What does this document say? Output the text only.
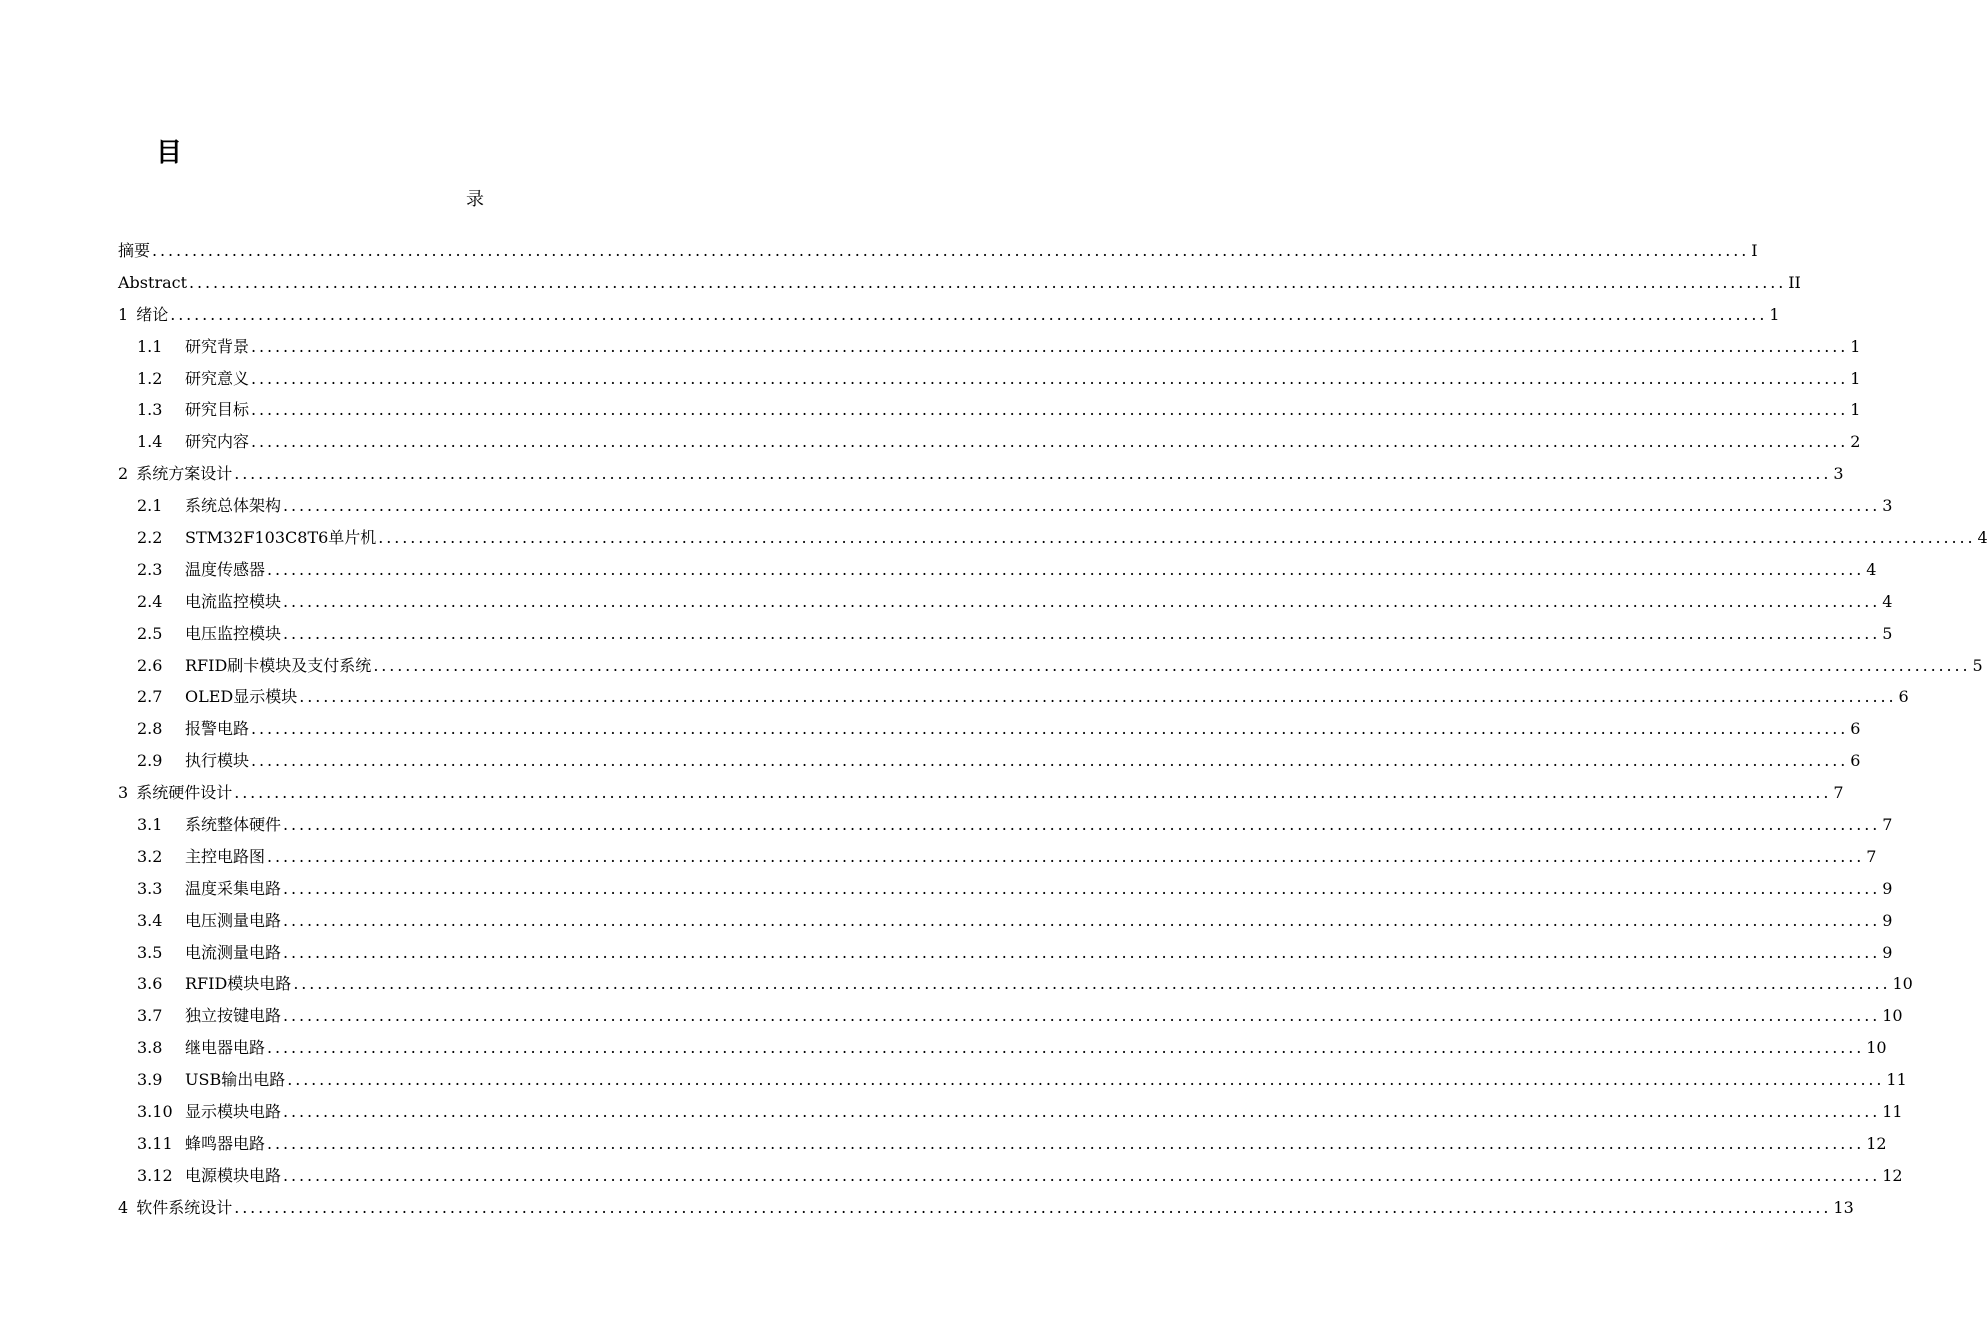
目
录
摘要 ........................................................................................................................................................................................................ I
Abstract ........................................................................................................................................................................................................ II
1 绪论 ........................................................................................................................................................................................................ 1
1.1	研究背景 ........................................................................................................................................................................................................ 1
1.2	研究意义 ........................................................................................................................................................................................................ 1
1.3	研究目标 ........................................................................................................................................................................................................ 1
1.4	研究内容 ........................................................................................................................................................................................................ 2
2 系统方案设计 ........................................................................................................................................................................................................ 3
2.1	系统总体架构 ........................................................................................................................................................................................................ 3
2.2	STM32F103C8T6单片机 ........................................................................................................................................................................................................ 4
2.3	温度传感器 ........................................................................................................................................................................................................ 4
2.4	电流监控模块 ........................................................................................................................................................................................................ 4
2.5	电压监控模块 ........................................................................................................................................................................................................ 5
2.6	RFID刷卡模块及支付系统 ........................................................................................................................................................................................................ 5
2.7	OLED显示模块 ........................................................................................................................................................................................................ 6
2.8	报警电路 ........................................................................................................................................................................................................ 6
2.9	执行模块 ........................................................................................................................................................................................................ 6
3 系统硬件设计 ........................................................................................................................................................................................................ 7
3.1	系统整体硬件 ........................................................................................................................................................................................................ 7
3.2	主控电路图 ........................................................................................................................................................................................................ 7
3.3	温度采集电路 ........................................................................................................................................................................................................ 9
3.4	电压测量电路 ........................................................................................................................................................................................................ 9
3.5	电流测量电路 ........................................................................................................................................................................................................ 9
3.6	RFID模块电路 ........................................................................................................................................................................................................ 10
3.7	独立按键电路 ........................................................................................................................................................................................................ 10
3.8	继电器电路 ........................................................................................................................................................................................................ 10
3.9	USB输出电路 ........................................................................................................................................................................................................ 11
3.10 显示模块电路 ........................................................................................................................................................................................................ 11
3.11 蜂鸣器电路 ........................................................................................................................................................................................................ 12
3.12 电源模块电路 ........................................................................................................................................................................................................ 12
4 软件系统设计 ........................................................................................................................................................................................................ 13
